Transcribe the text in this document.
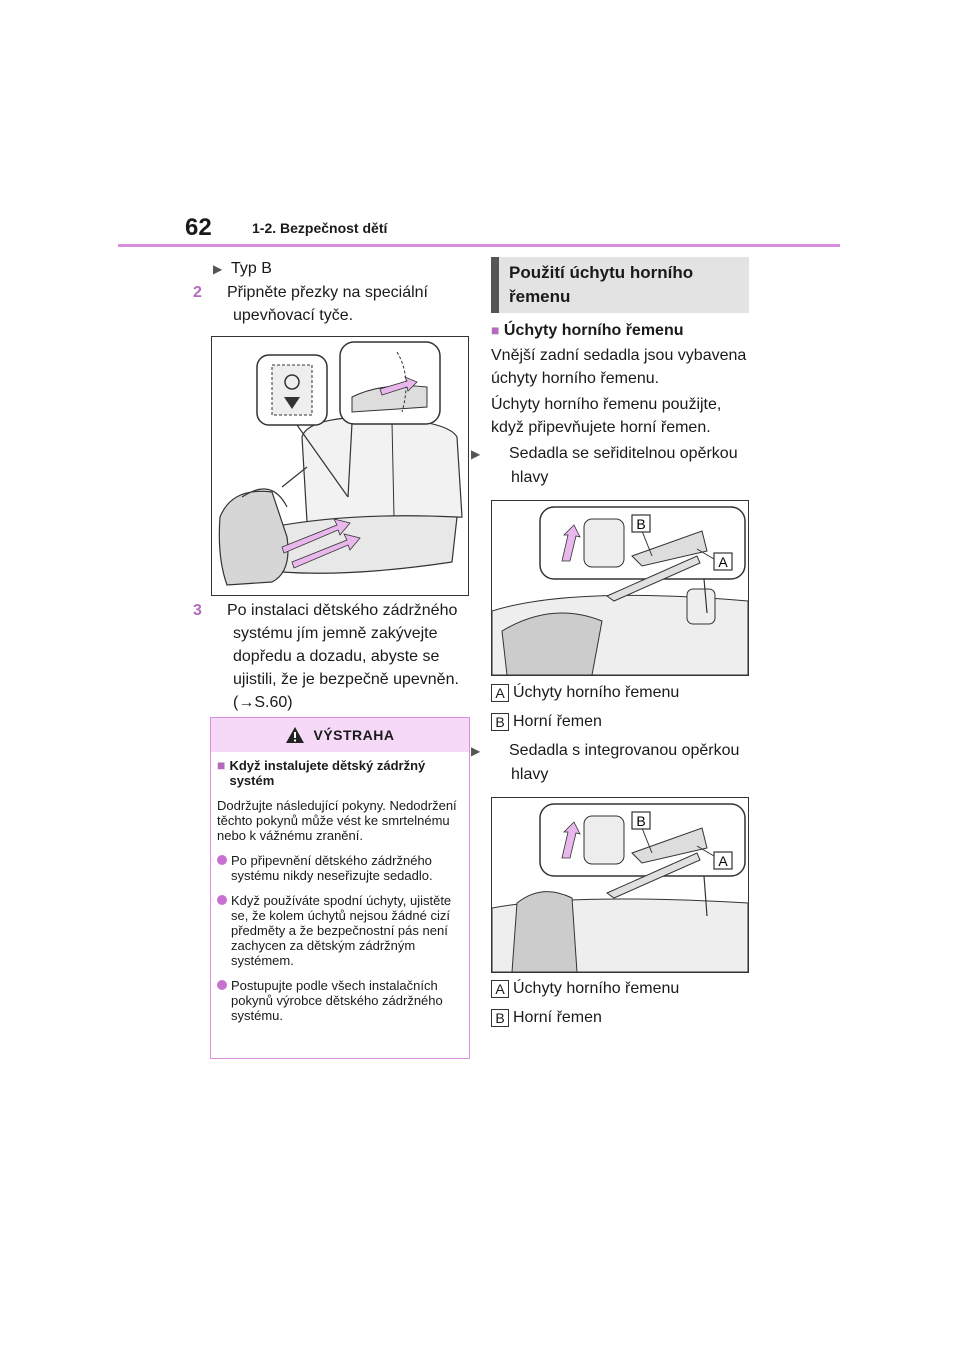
62	1-2. Bezpečnost dětí
▶ Typ B
2 Připněte přezky na speciální upevňovací tyče.
3 Po instalaci dětského zádržného systému jím jemně zakývejte dopředu a dozadu, abyste se ujistili, že je bezpečně upevněn. (→S.60)
VÝSTRAHA
■ Když instalujete dětský zádržný systém
Dodržujte následující pokyny. Nedodržení těchto pokynů může vést ke smrtelnému nebo k vážnému zranění.
Po připevnění dětského zádržného systému nikdy neseřizujte sedadlo.
Když používáte spodní úchyty, ujistěte se, že kolem úchytů nejsou žádné cizí předměty a že bezpečnostní pás není zachycen za dětským zádržným systémem.
Postupujte podle všech instalačních pokynů výrobce dětského zádržného systému.
Použití úchytu horního řemenu
■ Úchyty horního řemenu
Vnější zadní sedadla jsou vybavena úchyty horního řemenu.
Úchyty horního řemenu použijte, když připevňujete horní řemen.
▶ Sedadla se seřiditelnou opěrkou hlavy
B
A
A Úchyty horního řemenu
B Horní řemen
▶ Sedadla s integrovanou opěrkou hlavy
B
A
A Úchyty horního řemenu
B Horní řemen
